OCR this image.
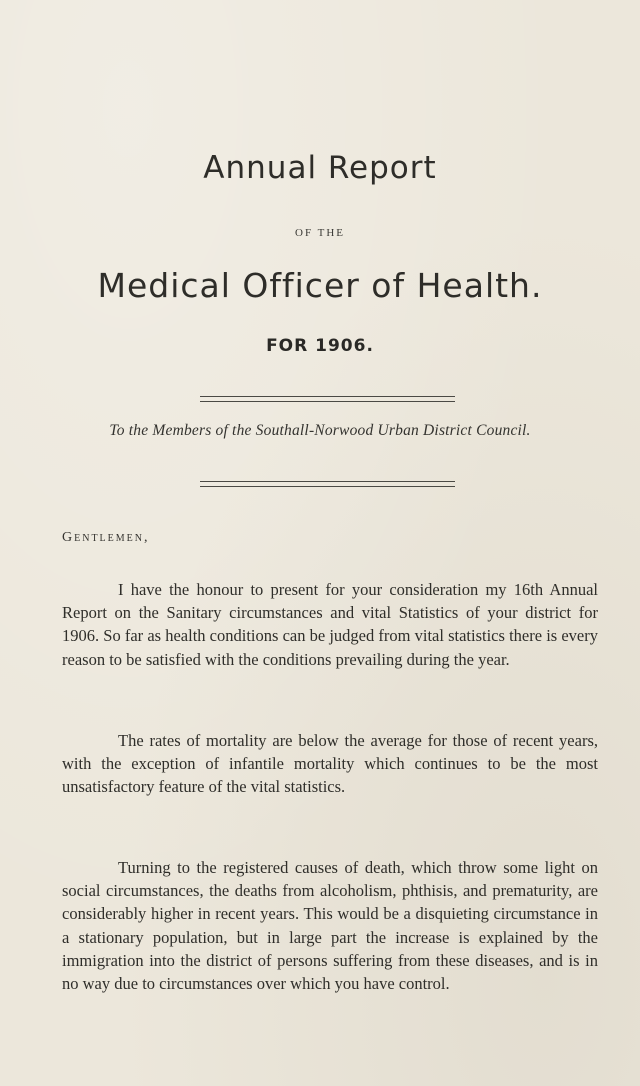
Annual Report
OF THE
Medical Officer of Health.
FOR 1906.
To the Members of the Southall-Norwood Urban District Council.
Gentlemen,
I have the honour to present for your consideration my 16th Annual Report on the Sanitary circumstances and vital Statistics of your district for 1906. So far as health conditions can be judged from vital statistics there is every reason to be satisfied with the conditions prevailing during the year.
The rates of mortality are below the average for those of recent years, with the exception of infantile mortality which continues to be the most unsatisfactory feature of the vital statistics.
Turning to the registered causes of death, which throw some light on social circumstances, the deaths from alcoholism, phthisis, and prematurity, are considerably higher in recent years. This would be a disquieting circumstance in a stationary population, but in large part the increase is explained by the immigration into the district of persons suffering from these diseases, and is in no way due to circumstances over which you have control.
